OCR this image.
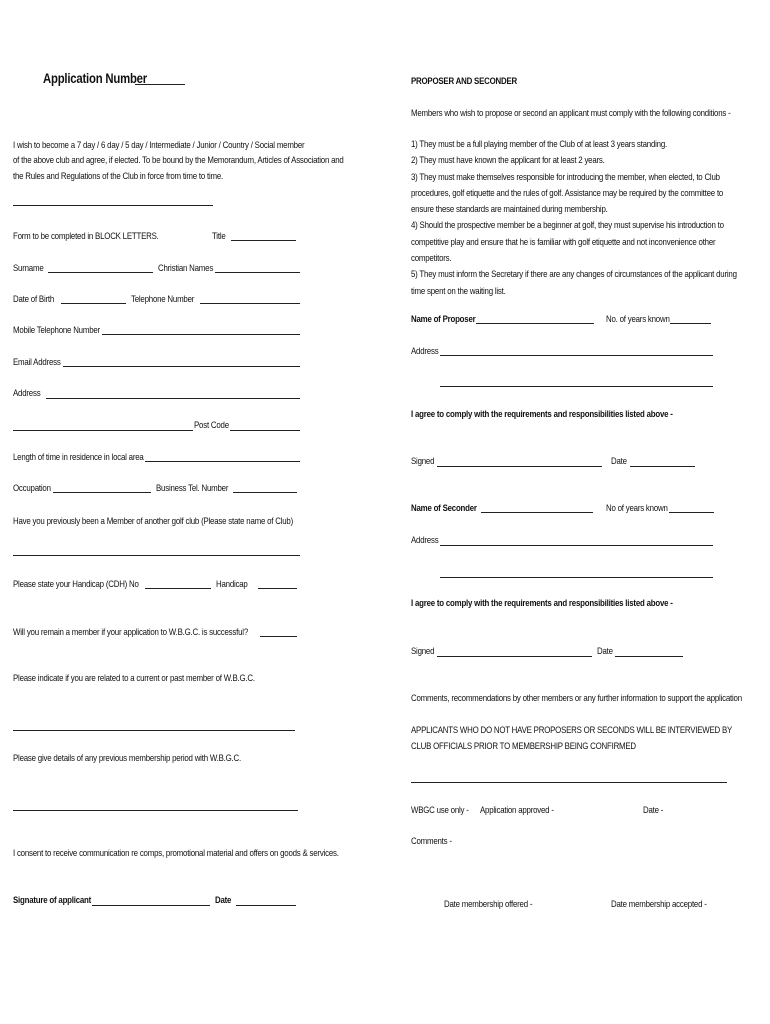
Application Number
I wish to become a 7 day / 6 day / 5 day / Intermediate / Junior / Country / Social member
of the above club and agree, if elected. To be bound by the Memorandum, Articles of Association and
the Rules and Regulations of the Club in force from time to time.
Form to be completed in BLOCK LETTERS.	Title
Surname	Christian Names
Date of Birth	Telephone Number
Mobile Telephone Number
Email Address
Address
Post Code
Length of time in residence in local area
Occupation	Business Tel. Number
Have you previously been a Member of another golf club (Please state name of Club)
Please state your Handicap (CDH) No	Handicap
Will you remain a member if your application to W.B.G.C. is successful?
Please indicate if you are related to a current or past member of W.B.G.C.
Please give details of any previous membership period with W.B.G.C.
I consent to receive communication re comps, promotional material and offers on goods & services.
Signature of applicant	Date
PROPOSER AND SECONDER
Members who wish to propose or second an applicant must comply with the following conditions -
1) They must be a full playing member of the Club of at least 3 years standing.
2) They must have known the applicant for at least 2 years.
3) They must make themselves responsible for introducing the member, when elected, to Club
procedures, golf etiquette and the rules of golf. Assistance may be required by the committee to
ensure these standards are maintained during membership.
4) Should the prospective member be a beginner at golf, they must supervise his introduction to
competitive play and ensure that he is familiar with golf etiquette and not inconvenience other
competitors.
5) They must inform the Secretary if there are any changes of circumstances of the applicant during
time spent on the waiting list.
Name of Proposer	No. of years known
Address
I agree to comply with the requirements and responsibilities listed above -
Signed	Date
Name of Seconder	No of years known
Address
I agree to comply with the requirements and responsibilities listed above -
Signed	Date
Comments, recommendations by other members or any further information to support the application
APPLICANTS WHO DO NOT HAVE PROPOSERS OR SECONDS WILL BE INTERVIEWED BY
CLUB OFFICIALS PRIOR TO MEMBERSHIP BEING CONFIRMED
WBGC use only - Application approved -	Date -
Comments -
Date membership offered -	Date membership accepted -
